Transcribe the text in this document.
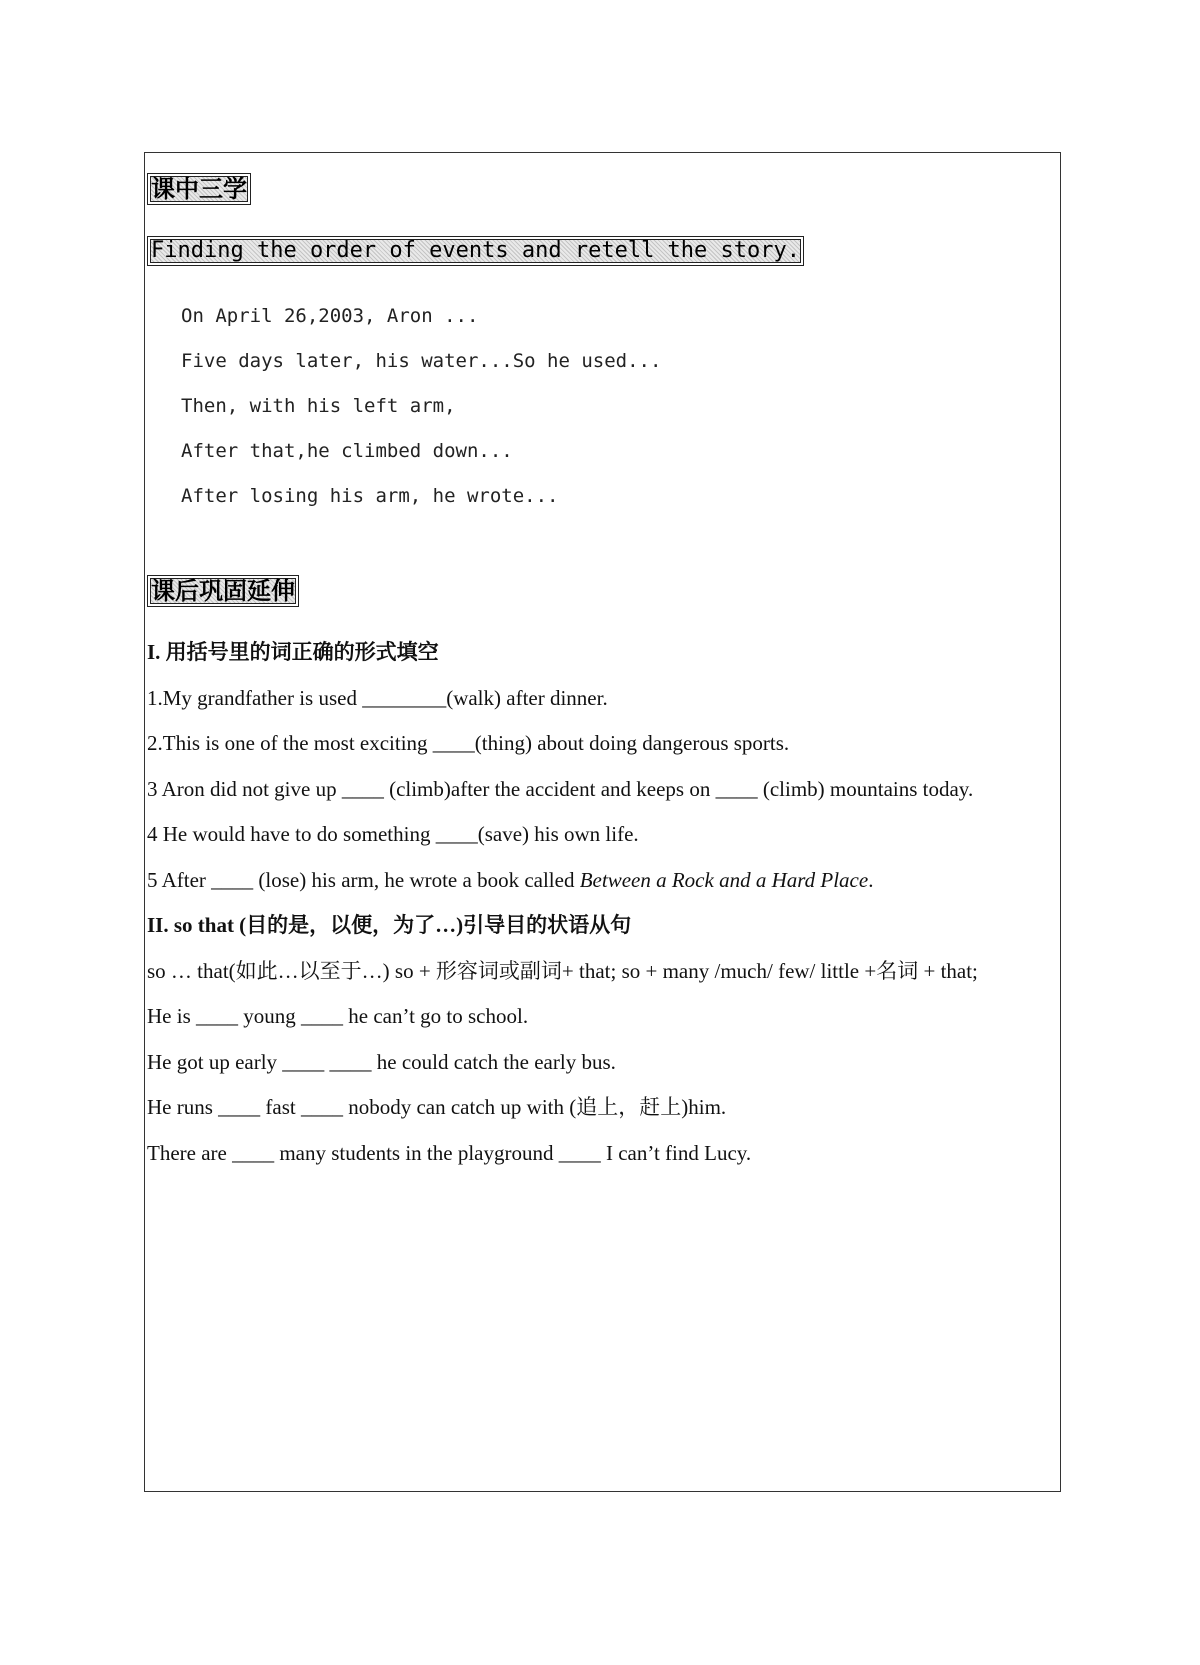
课中三学
Finding the order of events and retell the story.
On April 26,2003, Aron ...
Five days later, his water...So he used...
Then, with his left arm,
After that,he climbed down...
After losing his arm, he wrote...
课后巩固延伸
I. 用括号里的词正确的形式填空
1.My grandfather is used ________(walk) after dinner.
2.This is one of the most exciting ____(thing) about doing dangerous sports.
3 Aron did not give up ____ (climb)after the accident and keeps on ____ (climb) mountains today.
4 He would have to do something ____(save) his own life.
5 After ____ (lose) his arm, he wrote a book called Between a Rock and a Hard Place.
II. so that (目的是，以便，为了…)引导目的状语从句
so … that(如此…以至于…) so + 形容词或副词+ that; so + many /much/ few/ little +名词 + that;
He is ____ young ____ he can’t go to school.
He got up early ____ ____ he could catch the early bus.
He runs ____ fast ____ nobody can catch up with (追上，赶上)him.
There are ____ many students in the playground ____ I can’t find Lucy.
